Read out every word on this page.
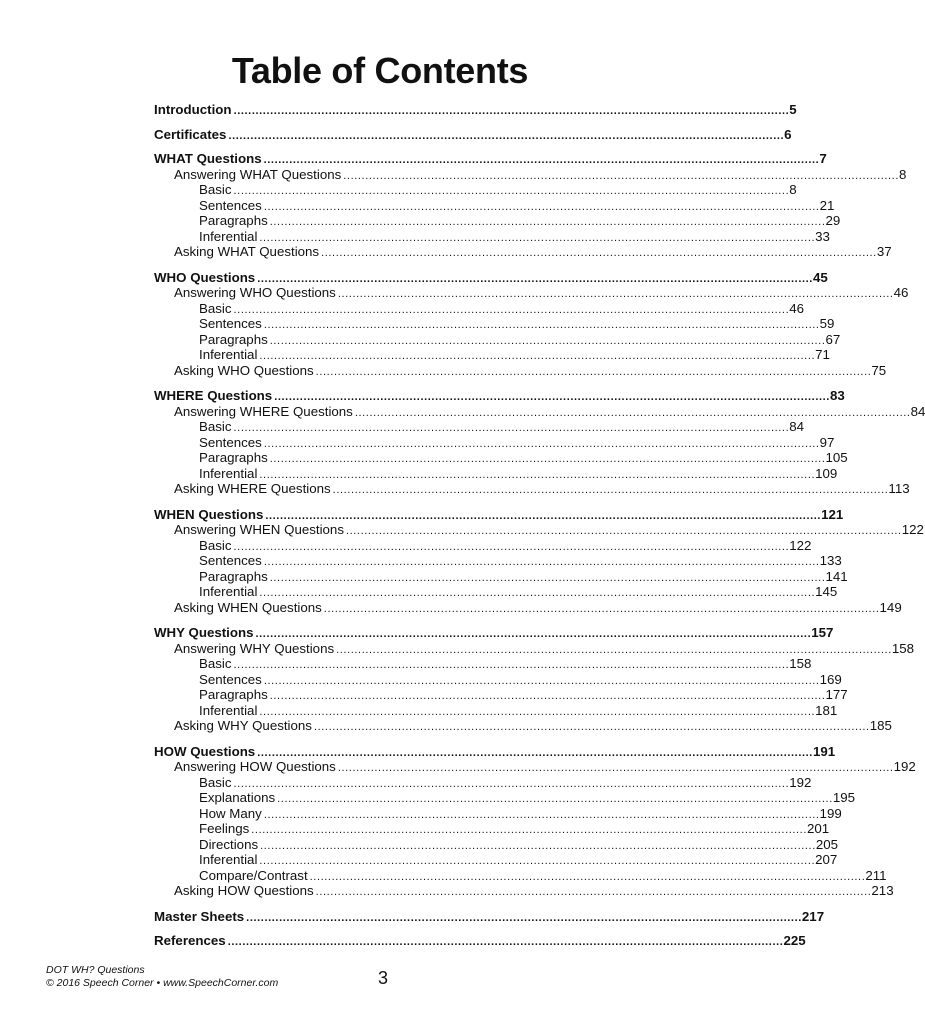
Table of Contents
Introduction ........................................................................................................................................................ 5
Certificates ........................................................................................................................................................ 6
WHAT Questions ........................................................................................................................................................ 7
Answering WHAT Questions ........................................................................................................................................................ 8
Basic ........................................................................................................................................................ 8
Sentences ........................................................................................................................................................ 21
Paragraphs ........................................................................................................................................................ 29
Inferential ........................................................................................................................................................ 33
Asking WHAT Questions ........................................................................................................................................................ 37
WHO Questions ........................................................................................................................................................ 45
Answering WHO Questions ........................................................................................................................................................ 46
Basic ........................................................................................................................................................ 46
Sentences ........................................................................................................................................................ 59
Paragraphs ........................................................................................................................................................ 67
Inferential ........................................................................................................................................................ 71
Asking WHO Questions ........................................................................................................................................................ 75
WHERE Questions ........................................................................................................................................................ 83
Answering WHERE Questions ........................................................................................................................................................ 84
Basic ........................................................................................................................................................ 84
Sentences ........................................................................................................................................................ 97
Paragraphs ........................................................................................................................................................ 105
Inferential ........................................................................................................................................................ 109
Asking WHERE Questions ........................................................................................................................................................ 113
WHEN Questions ........................................................................................................................................................ 121
Answering WHEN Questions ........................................................................................................................................................ 122
Basic ........................................................................................................................................................ 122
Sentences ........................................................................................................................................................ 133
Paragraphs ........................................................................................................................................................ 141
Inferential ........................................................................................................................................................ 145
Asking WHEN Questions ........................................................................................................................................................ 149
WHY Questions ........................................................................................................................................................ 157
Answering WHY Questions ........................................................................................................................................................ 158
Basic ........................................................................................................................................................ 158
Sentences ........................................................................................................................................................ 169
Paragraphs ........................................................................................................................................................ 177
Inferential ........................................................................................................................................................ 181
Asking WHY Questions ........................................................................................................................................................ 185
HOW Questions ........................................................................................................................................................ 191
Answering HOW Questions ........................................................................................................................................................ 192
Basic ........................................................................................................................................................ 192
Explanations ........................................................................................................................................................ 195
How Many ........................................................................................................................................................ 199
Feelings ........................................................................................................................................................ 201
Directions ........................................................................................................................................................ 205
Inferential ........................................................................................................................................................ 207
Compare/Contrast ........................................................................................................................................................ 211
Asking HOW Questions ........................................................................................................................................................ 213
Master Sheets ........................................................................................................................................................ 217
References ........................................................................................................................................................ 225
DOT WH? Questions
© 2016 Speech Corner • www.SpeechCorner.com	3
